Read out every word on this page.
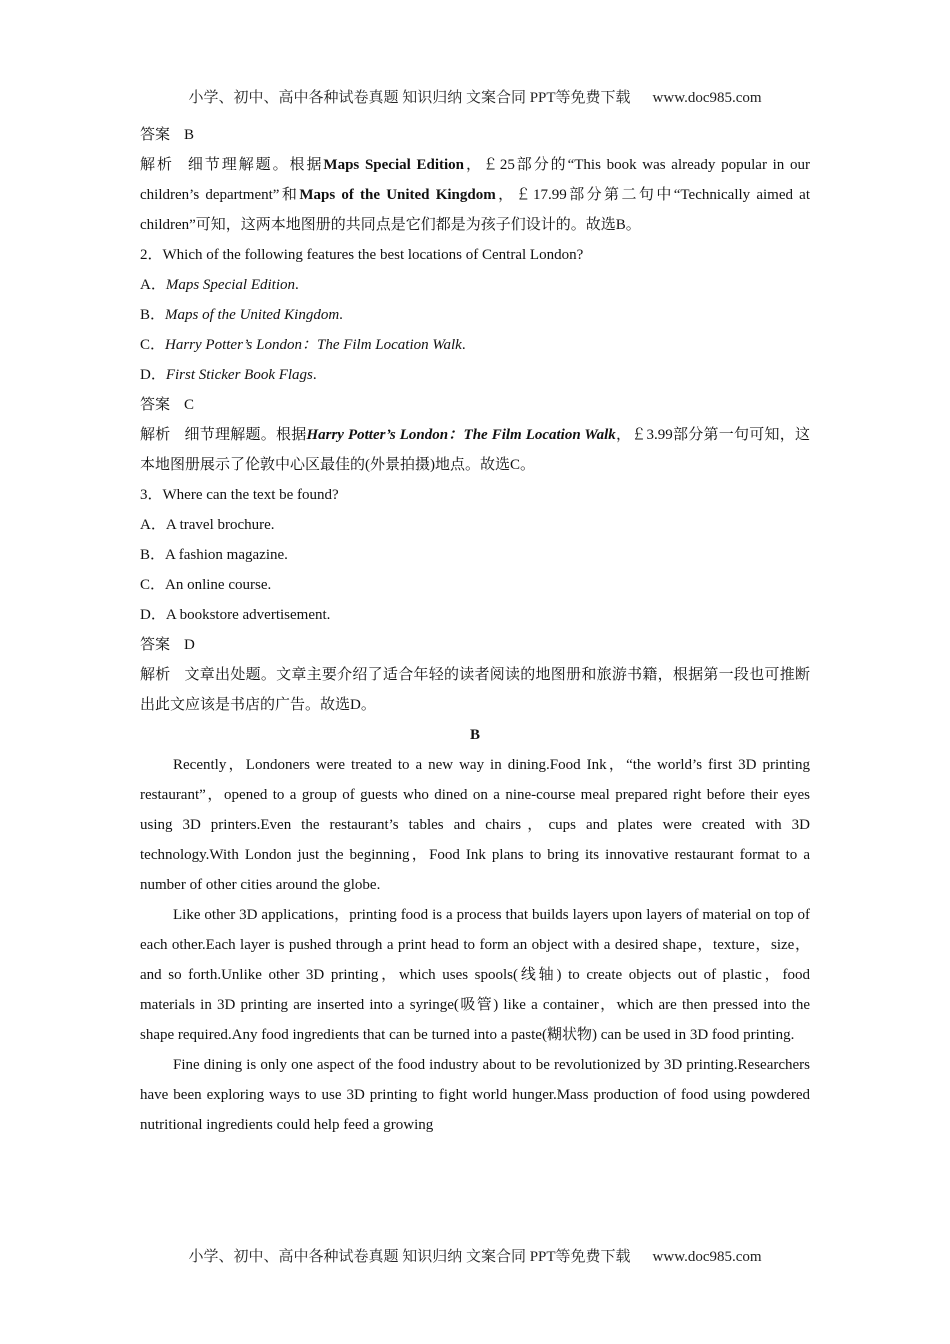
小学、初中、高中各种试卷真题 知识归纳 文案合同 PPT等免费下载 www.doc985.com

答案 B

解析 细节理解题。根据Maps Special Edition，￡25部分的“This book was already popular in our children’s department”和Maps of the United Kingdom，￡17.99部分第二句中“Technically aimed at children”可知，这两本地图册的共同点是它们都是为孩子们设计的。故选B。

2．Which of the following features the best locations of Central London?

A．Maps Special Edition.

B．Maps of the United Kingdom.

C．Harry Potter’s London：The Film Location Walk.

D．First Sticker Book Flags.

答案 C

解析 细节理解题。根据Harry Potter’s London：The Film Location Walk，￡3.99部分第一句可知，这本地图册展示了伦敦中心区最佳的(外景拍摄)地点。故选C。

3．Where can the text be found?

A．A travel brochure.

B．A fashion magazine.

C．An online course.

D．A bookstore advertisement.

答案 D

解析 文章出处题。文章主要介绍了适合年轻的读者阅读的地图册和旅游书籍，根据第一段也可推断出此文应该是书店的广告。故选D。

B

Recently，Londoners were treated to a new way in dining.Food Ink，“the world’s first 3D printing restaurant”，opened to a group of guests who dined on a nine-course meal prepared right before their eyes using 3D printers.Even the restaurant’s tables and chairs，cups and plates were created with 3D technology.With London just the beginning，Food Ink plans to bring its innovative restaurant format to a number of other cities around the globe.

Like other 3D applications，printing food is a process that builds layers upon layers of material on top of each other.Each layer is pushed through a print head to form an object with a desired shape，texture，size，and so forth.Unlike other 3D printing，which uses spools(线轴) to create objects out of plastic，food materials in 3D printing are inserted into a syringe(吸管) like a container，which are then pressed into the shape required.Any food ingredients that can be turned into a paste(糊状物) can be used in 3D food printing.

Fine dining is only one aspect of the food industry about to be revolutionized by 3D printing.Researchers have been exploring ways to use 3D printing to fight world hunger.Mass production of food using powdered nutritional ingredients could help feed a growing

小学、初中、高中各种试卷真题 知识归纳 文案合同 PPT等免费下载 www.doc985.com
